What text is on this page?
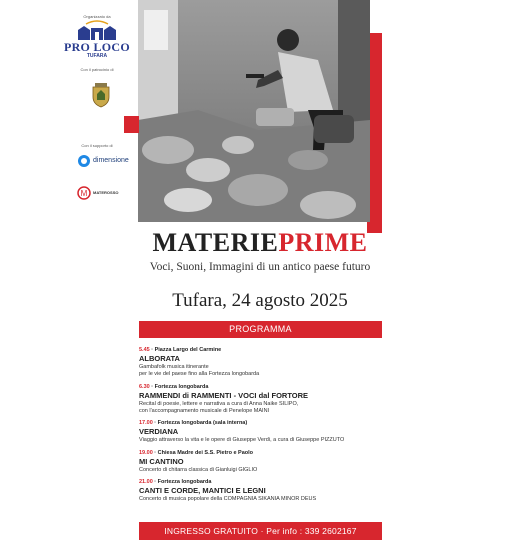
Organizzato da
PRO LOCO
TUFARA
Con il patrocinio di
Con il supporto di
dimensione
M MATEROSSO
MATERIEPRIME
Voci, Suoni, Immagini di un antico paese futuro
Tufara, 24 agosto 2025
PROGRAMMA
5.45 · Piazza Largo del Carmine
ALBORATA
Gambafolk musica itinerante
per le vie del paese fino alla Fortezza longobarda
6.30 · Fortezza longobarda
RAMMENDI di RAMMENTI - VOCI dal FORTORE
Recital di poesie, lettere e narrativa a cura di Anna Naike SILIPO,
con l'accompagnamento musicale di Penelope MAINI
17.00 · Fortezza longobarda (sala interna)
VERDIANA
Viaggio attraverso la vita e le opere di Giuseppe Verdi, a cura di Giuseppe PIZZUTO
19.00 · Chiesa Madre dei S.S. Pietro e Paolo
MI CANTINO
Concerto di chitarra classica di Gianluigi GIGLIO
21.00 · Fortezza longobarda
CANTI E CORDE, MANTICI E LEGNI
Concerto di musica popolare della COMPAGNIA SIKANIA MINOR DEUS
INGRESSO GRATUITO · Per info : 339 2602167
